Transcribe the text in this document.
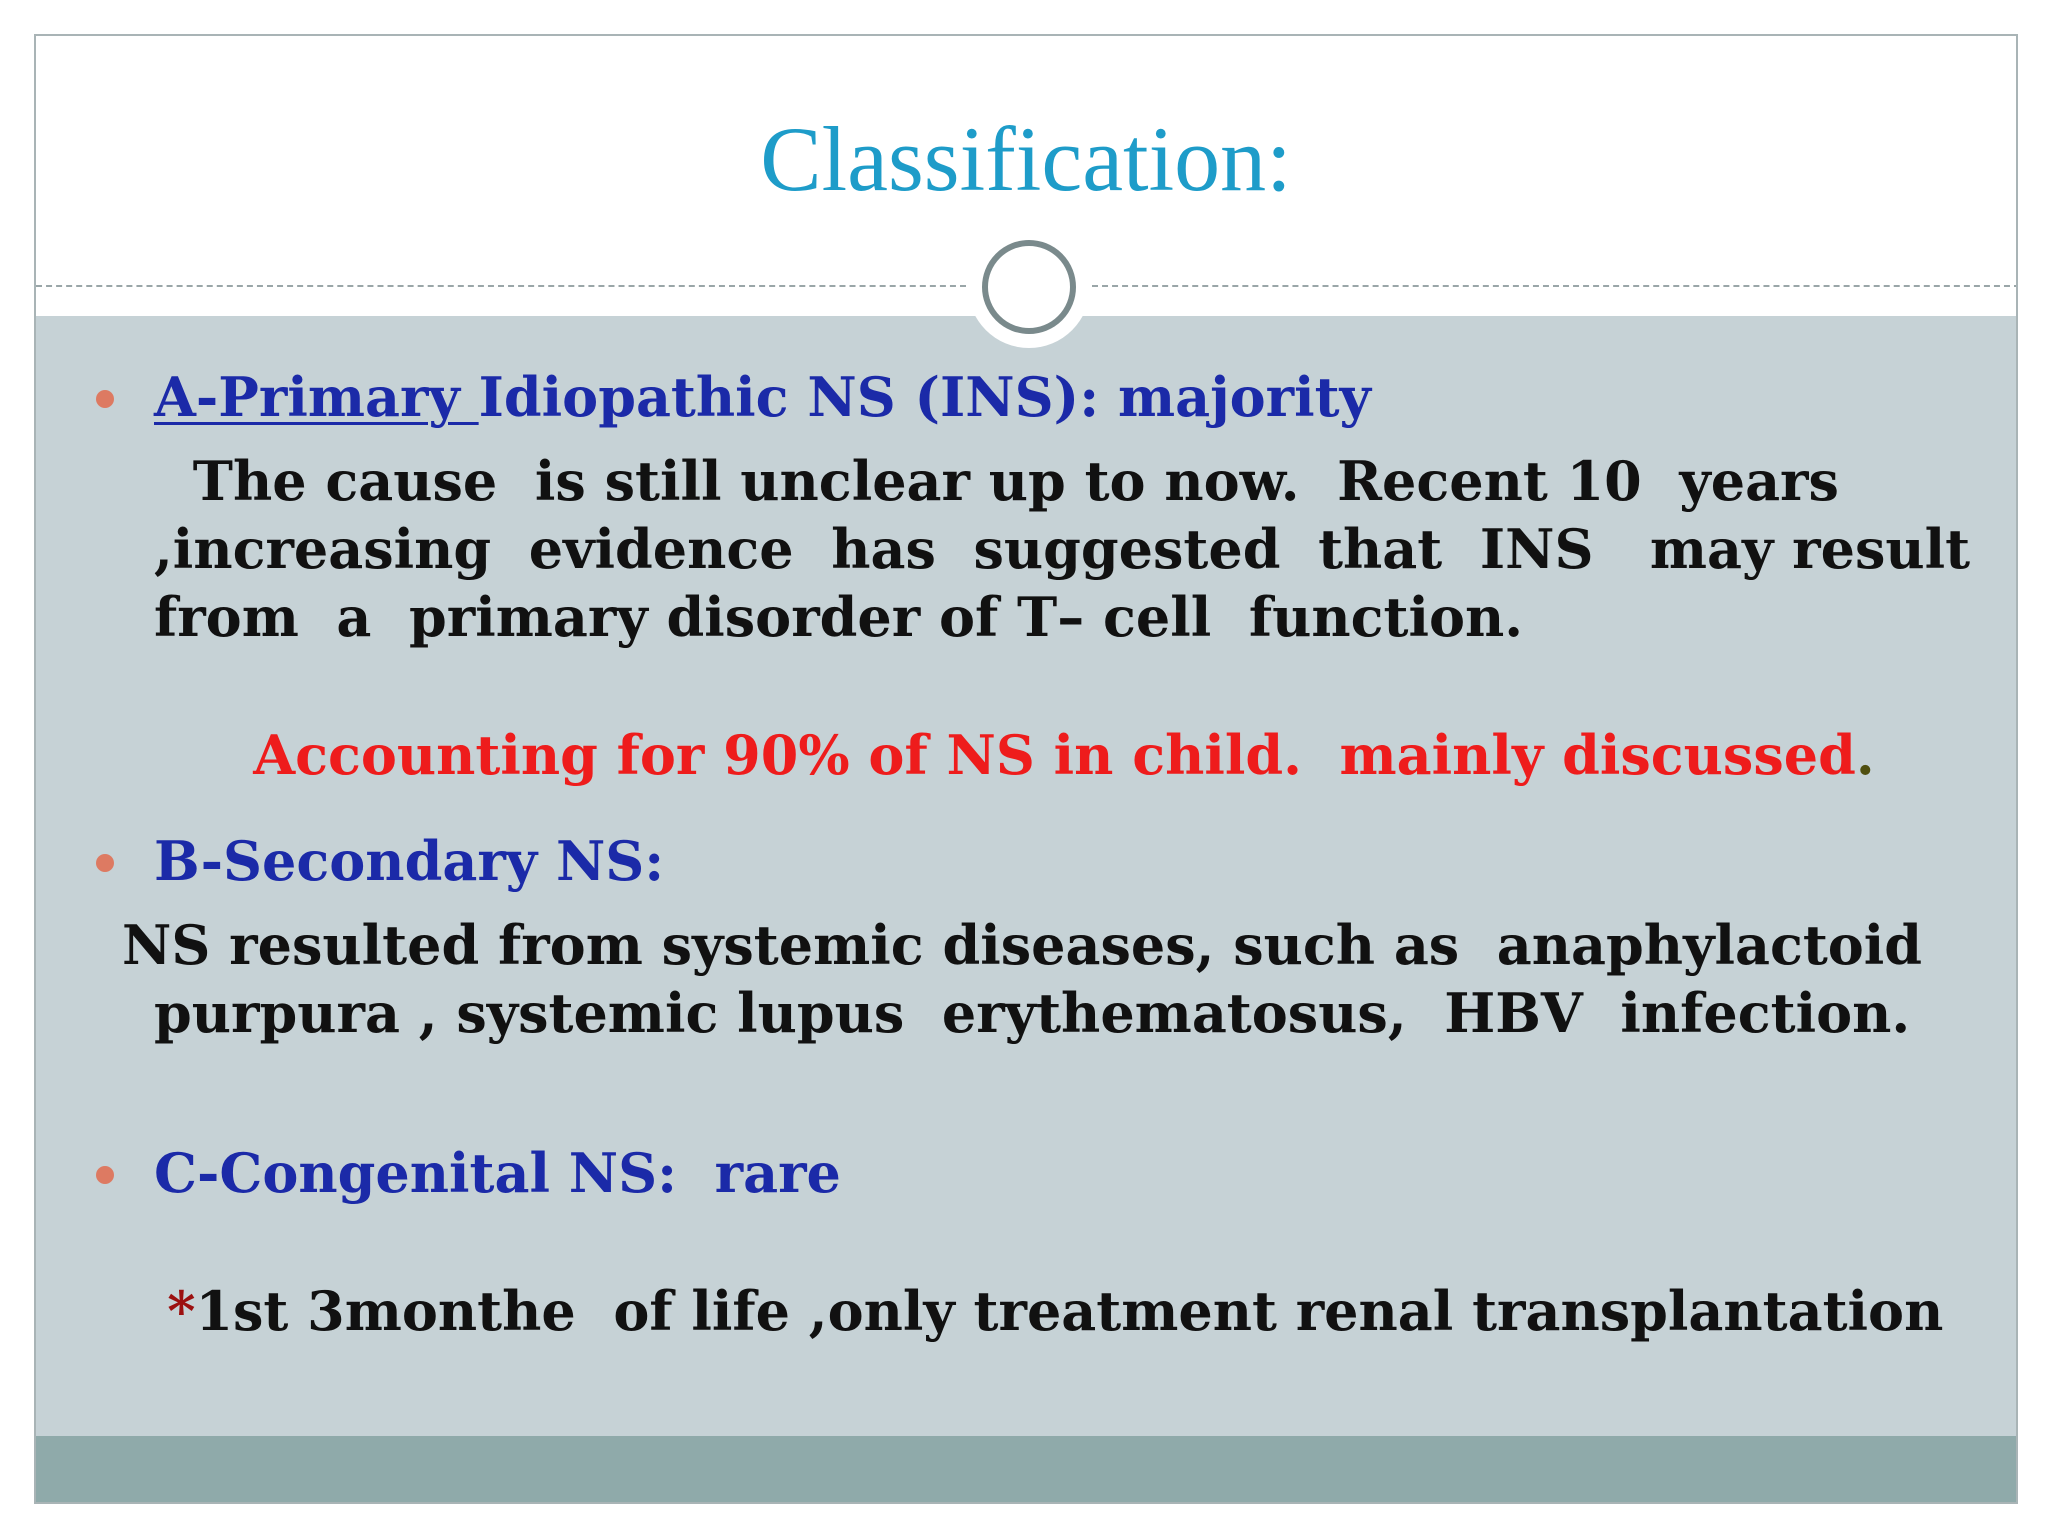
Classification:
A-Primary Idiopathic NS (INS): majority
The cause  is still unclear up to now.  Recent 10  years
,increasing  evidence  has  suggested  that  INS   may result
from  a  primary disorder of T– cell  function.

Accounting for 90% of NS in child.  mainly discussed.

B-Secondary NS:
NS resulted from systemic diseases, such as  anaphylactoid
purpura , systemic lupus  erythematosus,  HBV  infection.
C-Congenital NS:  rare

*1st 3monthe  of life ,only treatment renal transplantation
